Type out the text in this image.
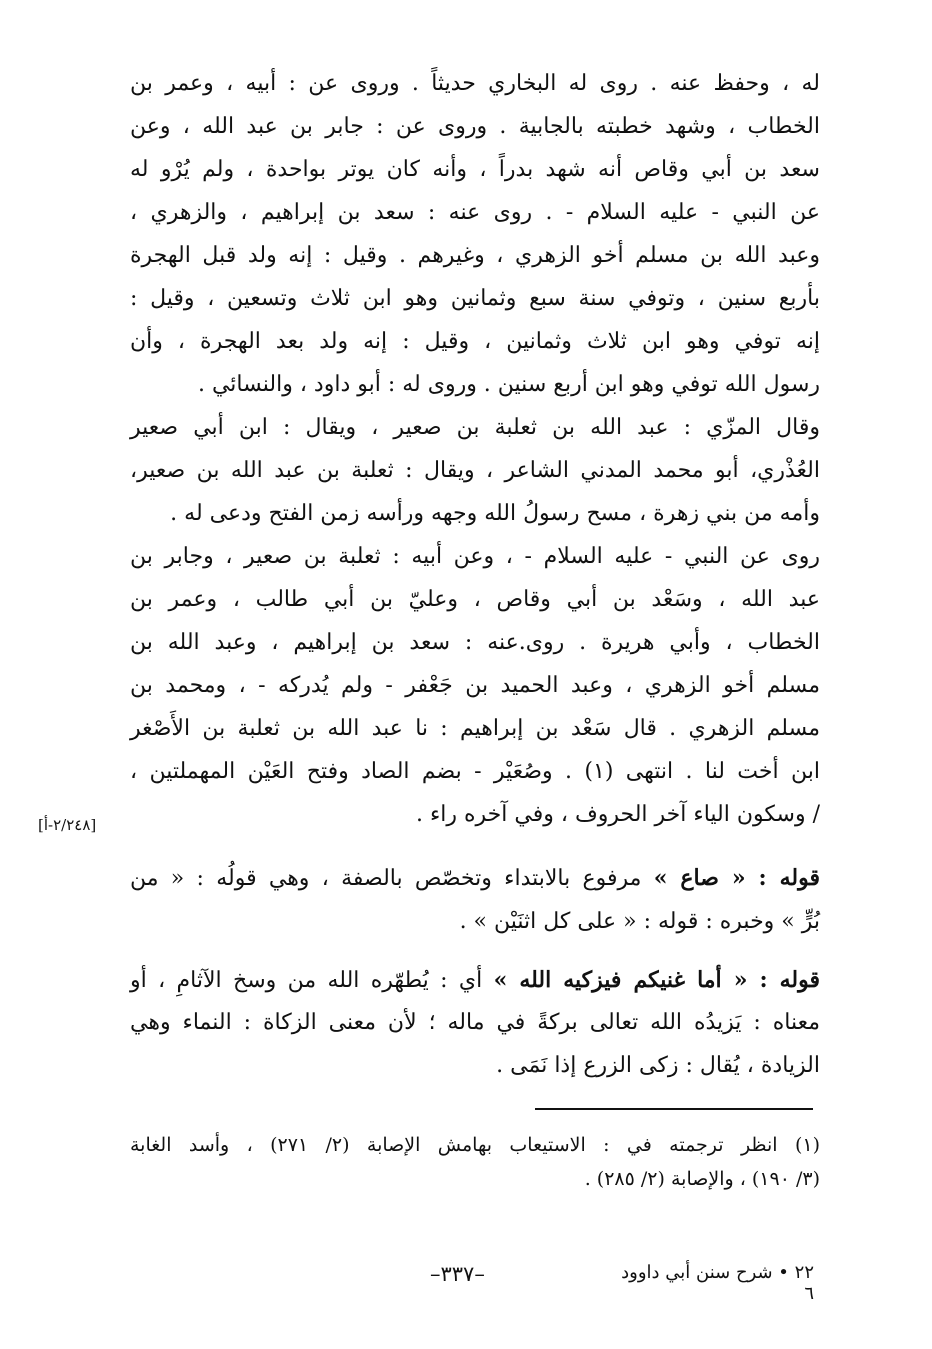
له ، وحفظ عنه . روى له البخاري حديثاً . وروى عن : أبيه ، وعمر بن
الخطاب ، وشهد خطبته بالجابية . وروى عن : جابر بن عبد الله ، وعن
سعد بن أبي وقاص أنه شهد بدراً ، وأنه كان يوتر بواحدة ، ولم يُرْو له
عن النبي - عليه السلام - . روى عنه : سعد بن إبراهيم ، والزهري ،
وعبد الله بن مسلم أخو الزهري ، وغيرهم . وقيل : إنه ولد قبل الهجرة
بأربع سنين ، وتوفي سنة سبع وثمانين وهو ابن ثلاث وتسعين ، وقيل :
إنه توفي وهو ابن ثلاث وثمانين ، وقيل : إنه ولد بعد الهجرة ، وأن
رسول الله توفي وهو ابن أربع سنين . وروى له : أبو داود ، والنسائي .
وقال المزّي : عبد الله بن ثعلبة بن صعير ، ويقال : ابن أبي صعير
العُذْري، أبو محمد المدني الشاعر ، ويقال : ثعلبة بن عبد الله بن صعير،
وأمه من بني زهرة ، مسح رسولُ الله وجهه ورأسه زمن الفتح ودعى له .
روى عن النبي - عليه السلام - ، وعن أبيه : ثعلبة بن صعير ، وجابر بن
عبد الله ، وسَعْد بن أبي وقاص ، وعليّ بن أبي طالب ، وعمر بن
الخطاب ، وأبي هريرة . روى.عنه : سعد بن إبراهيم ، وعبد الله بن
مسلم أخو الزهري ، وعبد الحميد بن جَعْفر - ولم يُدركه - ، ومحمد بن
مسلم الزهري . قال سَعْد بن إبراهيم : نا عبد الله بن ثعلبة بن الأَصْغر
ابن أخت لنا . انتهى (١) . وصُعَيْر - بضم الصاد وفتح العَيْن المهملتين ،
/ وسكون الياء آخر الحروف ، وفي آخره راء .
[٢/٢٤٨-أ]
قوله : « صاع » مرفوع بالابتداء وتخصّص بالصفة ، وهي قولُه : « من
بُرٍّ » وخبره : قوله : « على كل اثنَيْن » .
قوله : « أما غنيكم فيزكيه الله » أي : يُطهّره الله من وسخ الآثامِ ، أو
معناه : يَزيدُه الله تعالى بركةً في ماله ؛ لأن معنى الزكاة : النماء وهي
الزيادة ، يُقال : زكى الزرع إذا نَمَى .
(١) انظر ترجمته في : الاستيعاب بهامش الإصابة (٢/ ٢٧١) ، وأسد الغابة
(٣/ ١٩٠) ، والإصابة (٢/ ٢٨٥) .
–٣٣٧–	٢٢ • شرح سنن أبي داوود ٦
